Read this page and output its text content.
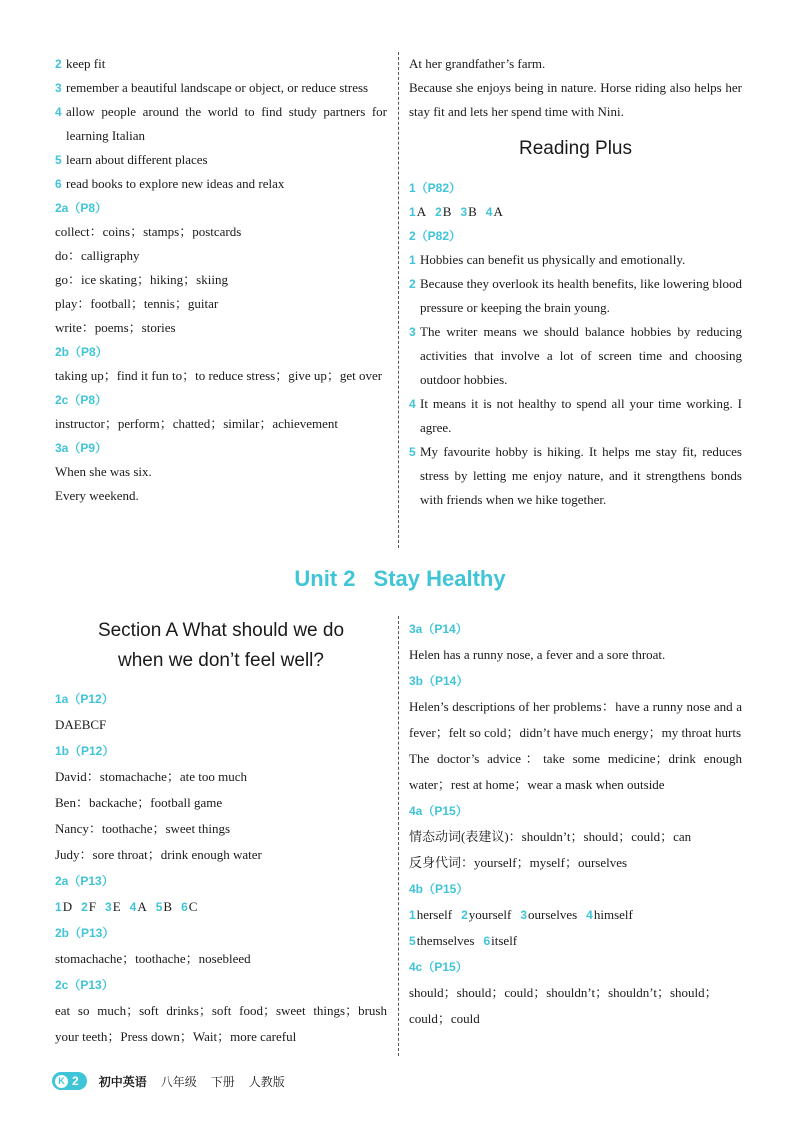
2 keep fit
3 remember a beautiful landscape or object, or reduce stress
4 allow people around the world to find study partners for learning Italian
5 learn about different places
6 read books to explore new ideas and relax
2a（P8）
collect：coins；stamps；postcards
do：calligraphy
go：ice skating；hiking；skiing
play：football；tennis；guitar
write：poems；stories
2b（P8）
taking up；find it fun to；to reduce stress；give up；get over
2c（P8）
instructor；perform；chatted；similar；achievement
3a（P9）
When she was six.
Every weekend.
At her grandfather’s farm.
Because she enjoys being in nature. Horse riding also helps her stay fit and lets her spend time with Nini.
Reading Plus
1（P82）
1 A 2 B 3 B 4 A
2（P82）
1 Hobbies can benefit us physically and emotionally.
2 Because they overlook its health benefits, like lowering blood pressure or keeping the brain young.
3 The writer means we should balance hobbies by reducing activities that involve a lot of screen time and choosing outdoor hobbies.
4 It means it is not healthy to spend all your time working. I agree.
5 My favourite hobby is hiking. It helps me stay fit, reduces stress by letting me enjoy nature, and it strengthens bonds with friends when we hike together.
Unit 2 Stay Healthy
Section A What should we do
when we don’t feel well?
1a（P12）
DAEBCF
1b（P12）
David：stomachache；ate too much
Ben：backache；football game
Nancy：toothache；sweet things
Judy：sore throat；drink enough water
2a（P13）
1 D 2 F 3 E 4 A 5 B 6 C
2b（P13）
stomachache；toothache；nosebleed
2c（P13）
eat so much；soft drinks；soft food；sweet things；brush your teeth；Press down；Wait；more careful
3a（P14）
Helen has a runny nose, a fever and a sore throat.
3b（P14）
Helen’s descriptions of her problems：have a runny nose and a fever；felt so cold；didn’t have much energy；my throat hurts
The doctor’s advice：take some medicine；drink enough water；rest at home；wear a mask when outside
4a（P15）
情态动词(表建议)：shouldn’t；should；could；can
反身代词：yourself；myself；ourselves
4b（P15）
1 herself 2 yourself 3 ourselves 4 himself
5 themselves 6 itself
4c（P15）
should；should；could；shouldn’t；shouldn’t；should；could；could
K 2 初中英语 八年级 下册 人教版
